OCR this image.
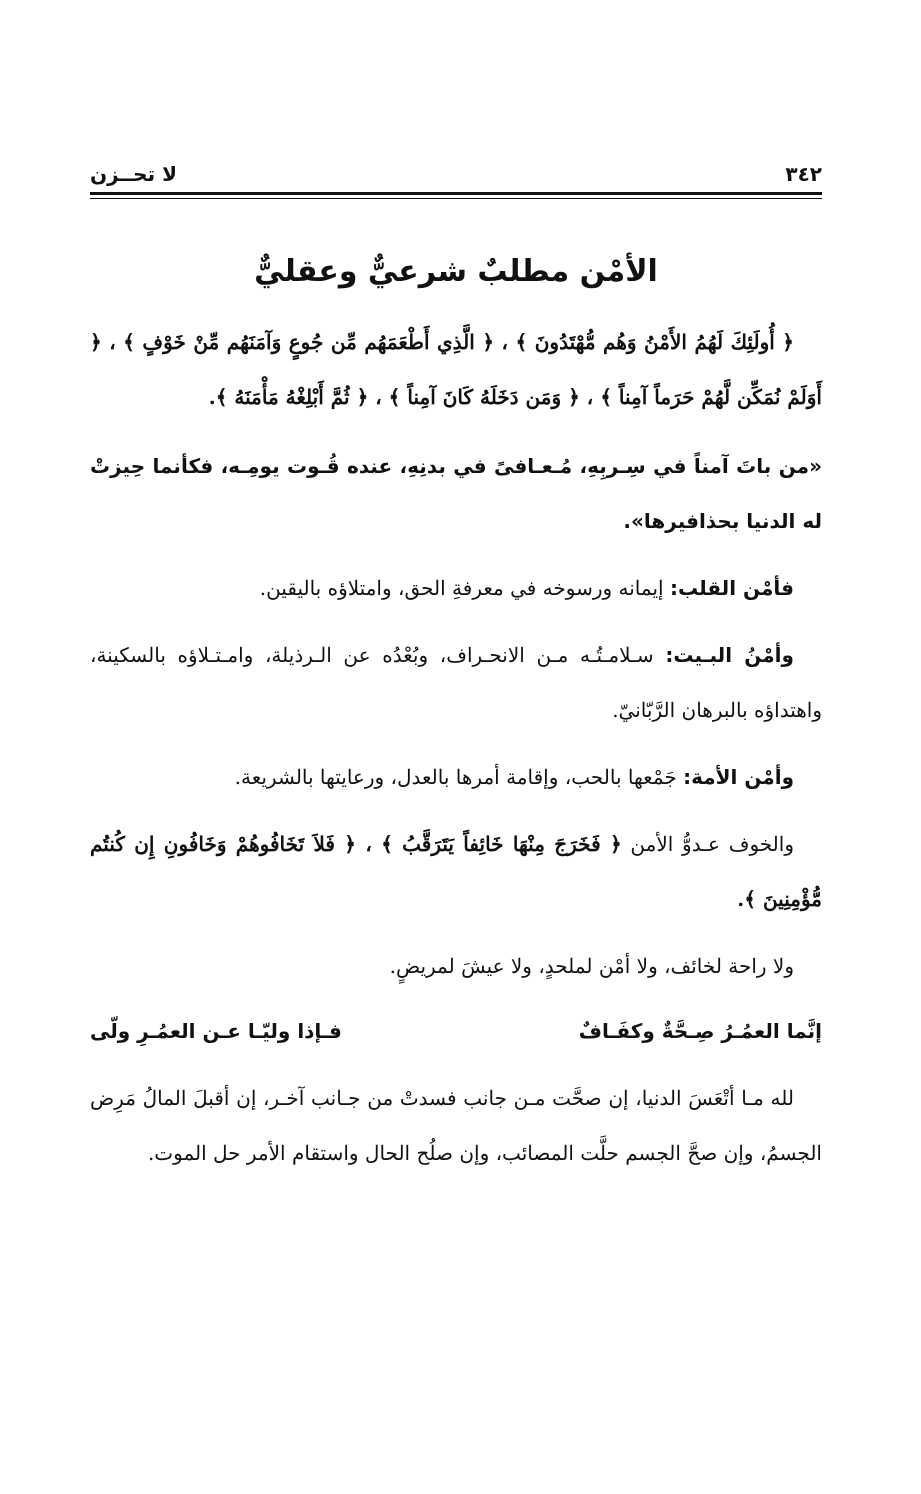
٣٤٢
لا تحــزن
الأمْن مطلبٌ شرعيٌّ وعقليٌّ

﴿ أُولَئِكَ لَهُمُ الأَمْنُ وَهُم مُّهْتَدُونَ ﴾ ، ﴿ الَّذِي أَطْعَمَهُم مِّن جُوعٍ وَآمَنَهُم مِّنْ خَوْفٍ ﴾ ، ﴿ أَوَلَمْ نُمَكِّن لَّهُمْ حَرَماً آمِناً ﴾ ، ﴿ وَمَن دَخَلَهُ كَانَ آمِناً ﴾ ، ﴿ ثُمَّ أَبْلِغْهُ مَأْمَنَهُ ﴾.

«من باتَ آمناً في سِـربِهِ، مُـعـافىً في بدنِهِ، عنده قُـوت يومِـه، فكأنما حِيزتْ له الدنيا بحذافيرها».

فأمْن القلب: إيمانه ورسوخه في معرفةِ الحق، وامتلاؤه باليقين.

وأمْنُ البـيت: سـلامـتُـه مـن الانحـراف، وبُعْدُه عن الـرذيلة، وامـتـلاؤه بالسكينة، واهتداؤه بالبرهان الرَّبّانيّ.

وأمْن الأمة: جَمْعها بالحب، وإقامة أمرها بالعدل، ورعايتها بالشريعة.

والخوف عـدوُّ الأمن ﴿ فَخَرَجَ مِنْهَا خَائِفاً يَتَرَقَّبُ ﴾ ، ﴿ فَلاَ تَخَافُوهُمْ وَخَافُونِ إِن كُنتُم مُّؤْمِنِينَ ﴾.

ولا راحة لخائف، ولا أمْن لملحدٍ، ولا عيشَ لمريضٍ.

إنَّما العمُـرُ صِـحَّةٌ وكفَـافٌ
فـإذا وليّـا عـن العمُـرِ ولّى

لله مـا أتْعَسَ الدنيا، إن صحَّت مـن جانب فسدتْ من جـانب آخـر، إن أقبلَ المالُ مَرِض الجسمُ، وإن صحَّ الجسم حلَّت المصائب، وإن صلُح الحال واستقام الأمر حل الموت.
